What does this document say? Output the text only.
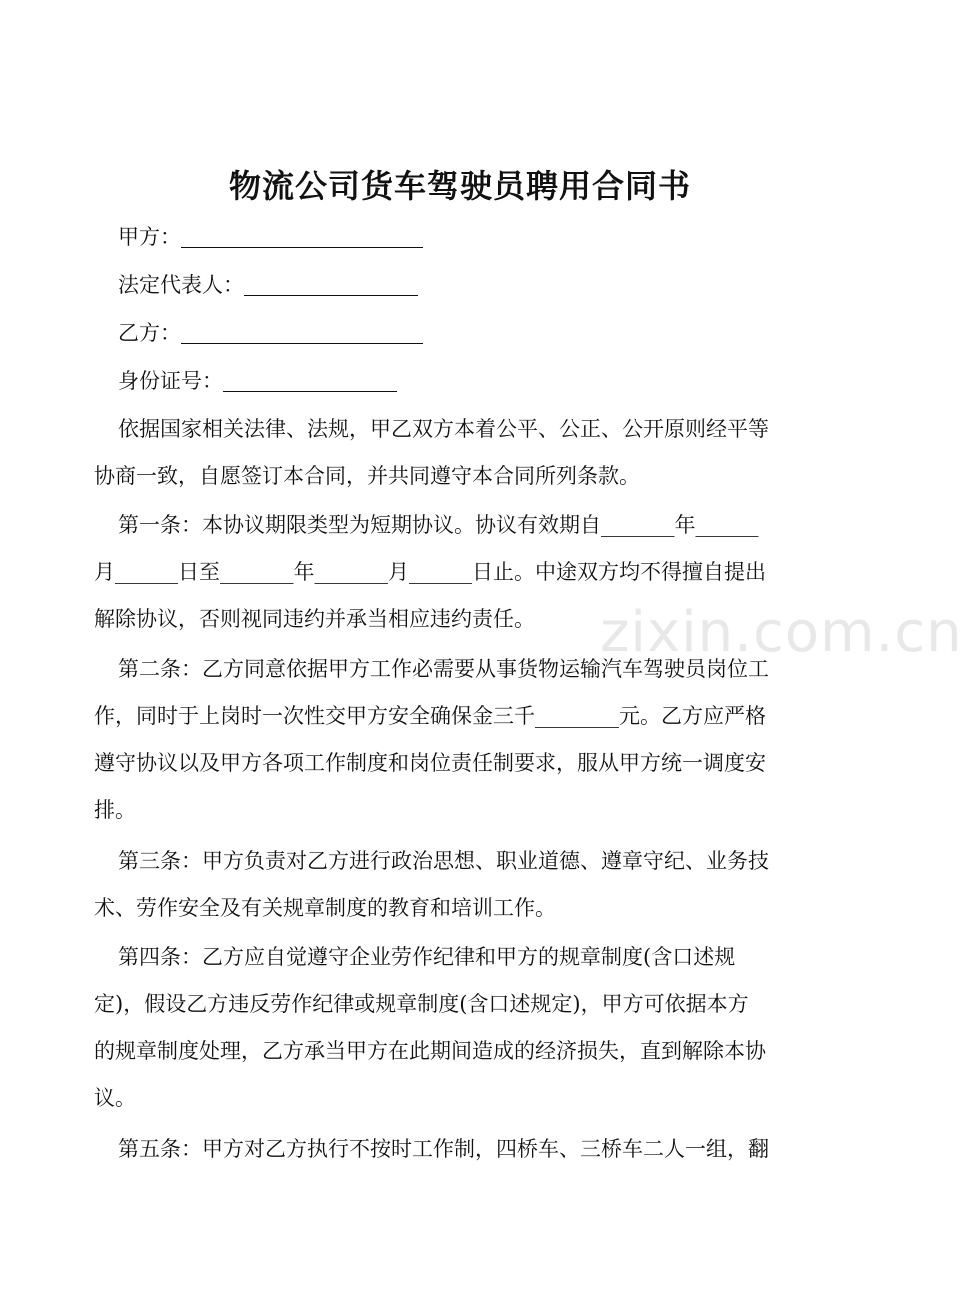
物流公司货车驾驶员聘用合同书
甲方：
法定代表人：
乙方：
身份证号：
依据国家相关法律、法规，甲乙双方本着公平、公正、公开原则经平等
协商一致，自愿签订本合同，并共同遵守本合同所列条款。
第一条：本协议期限类型为短期协议。协议有效期自_______年______
月______日至_______年_______月______日止。中途双方均不得擅自提出
解除协议，否则视同违约并承当相应违约责任。
第二条：乙方同意依据甲方工作必需要从事货物运输汽车驾驶员岗位工
作，同时于上岗时一次性交甲方安全确保金三千________元。乙方应严格
遵守协议以及甲方各项工作制度和岗位责任制要求，服从甲方统一调度安
排。
第三条：甲方负责对乙方进行政治思想、职业道德、遵章守纪、业务技
术、劳作安全及有关规章制度的教育和培训工作。
第四条：乙方应自觉遵守企业劳作纪律和甲方的规章制度(含口述规
定)，假设乙方违反劳作纪律或规章制度(含口述规定)，甲方可依据本方
的规章制度处理，乙方承当甲方在此期间造成的经济损失，直到解除本协
议。
第五条：甲方对乙方执行不按时工作制，四桥车、三桥车二人一组，翻
zixin.com.cn
